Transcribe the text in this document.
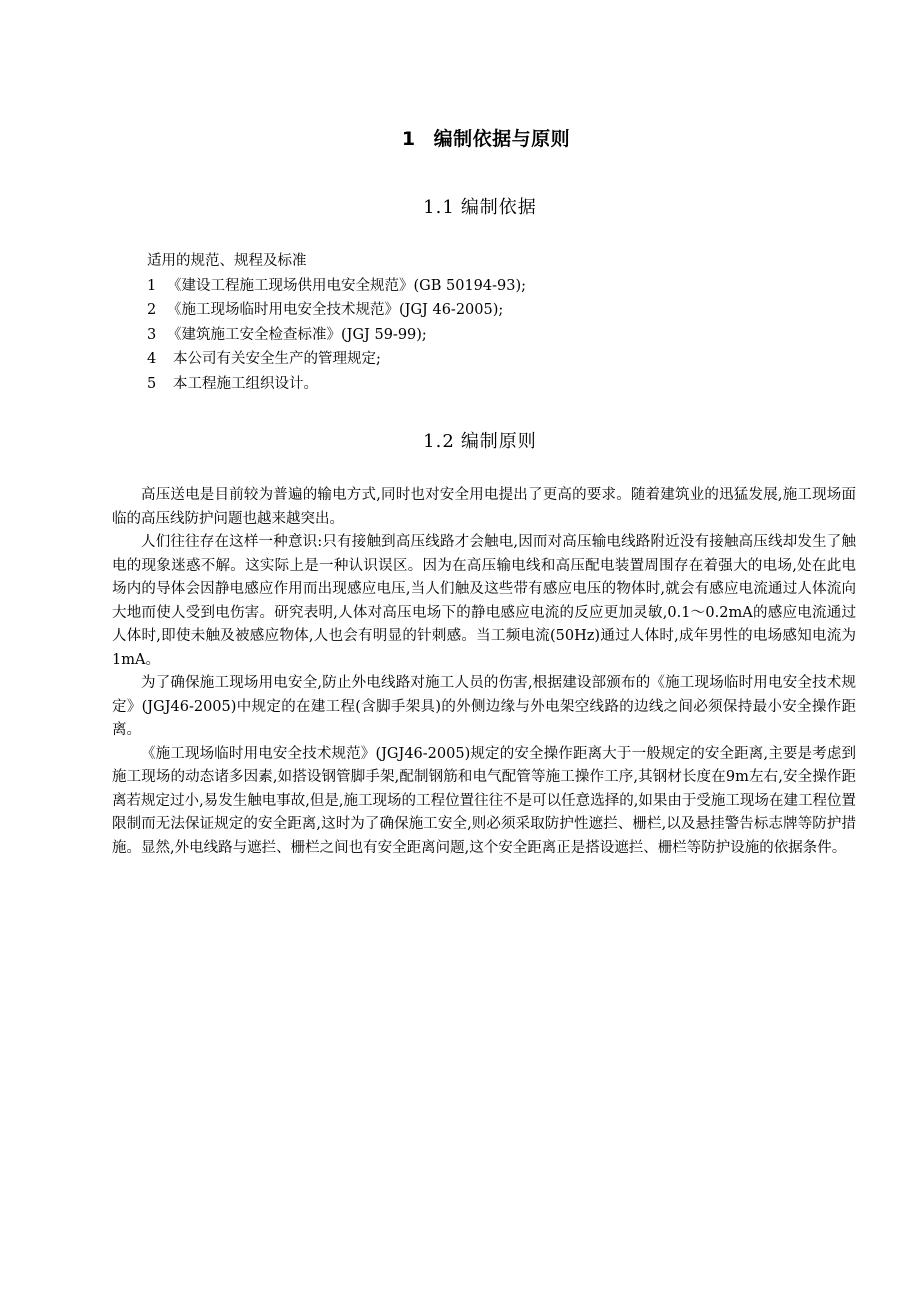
1 编制依据与原则
1.1 编制依据
适用的规范、规程及标准
1 《建设工程施工现场供用电安全规范》(GB 50194-93);
2 《施工现场临时用电安全技术规范》(JGJ 46-2005);
3 《建筑施工安全检查标准》(JGJ 59-99);
4 本公司有关安全生产的管理规定;
5 本工程施工组织设计。
1.2 编制原则

高压送电是目前较为普遍的输电方式,同时也对安全用电提出了更高的要求。随着建筑业的迅猛发展,施工现场面临的高压线防护问题也越来越突出。

人们往往存在这样一种意识:只有接触到高压线路才会触电,因而对高压输电线路附近没有接触高压线却发生了触电的现象迷惑不解。这实际上是一种认识误区。因为在高压输电线和高压配电装置周围存在着强大的电场,处在此电场内的导体会因静电感应作用而出现感应电压,当人们触及这些带有感应电压的物体时,就会有感应电流通过人体流向大地而使人受到电伤害。研究表明,人体对高压电场下的静电感应电流的反应更加灵敏,0.1～0.2mA的感应电流通过人体时,即使未触及被感应物体,人也会有明显的针刺感。当工频电流(50Hz)通过人体时,成年男性的电场感知电流为1mA。

为了确保施工现场用电安全,防止外电线路对施工人员的伤害,根据建设部颁布的《施工现场临时用电安全技术规定》(JGJ46-2005)中规定的在建工程(含脚手架具)的外侧边缘与外电架空线路的边线之间必须保持最小安全操作距离。

《施工现场临时用电安全技术规范》(JGJ46-2005)规定的安全操作距离大于一般规定的安全距离,主要是考虑到施工现场的动态诸多因素,如搭设钢管脚手架,配制钢筋和电气配管等施工操作工序,其钢材长度在9m左右,安全操作距离若规定过小,易发生触电事故,但是,施工现场的工程位置往往不是可以任意选择的,如果由于受施工现场在建工程位置限制而无法保证规定的安全距离,这时为了确保施工安全,则必须采取防护性遮拦、栅栏,以及悬挂警告标志牌等防护措施。显然,外电线路与遮拦、栅栏之间也有安全距离问题,这个安全距离正是搭设遮拦、栅栏等防护设施的依据条件。
